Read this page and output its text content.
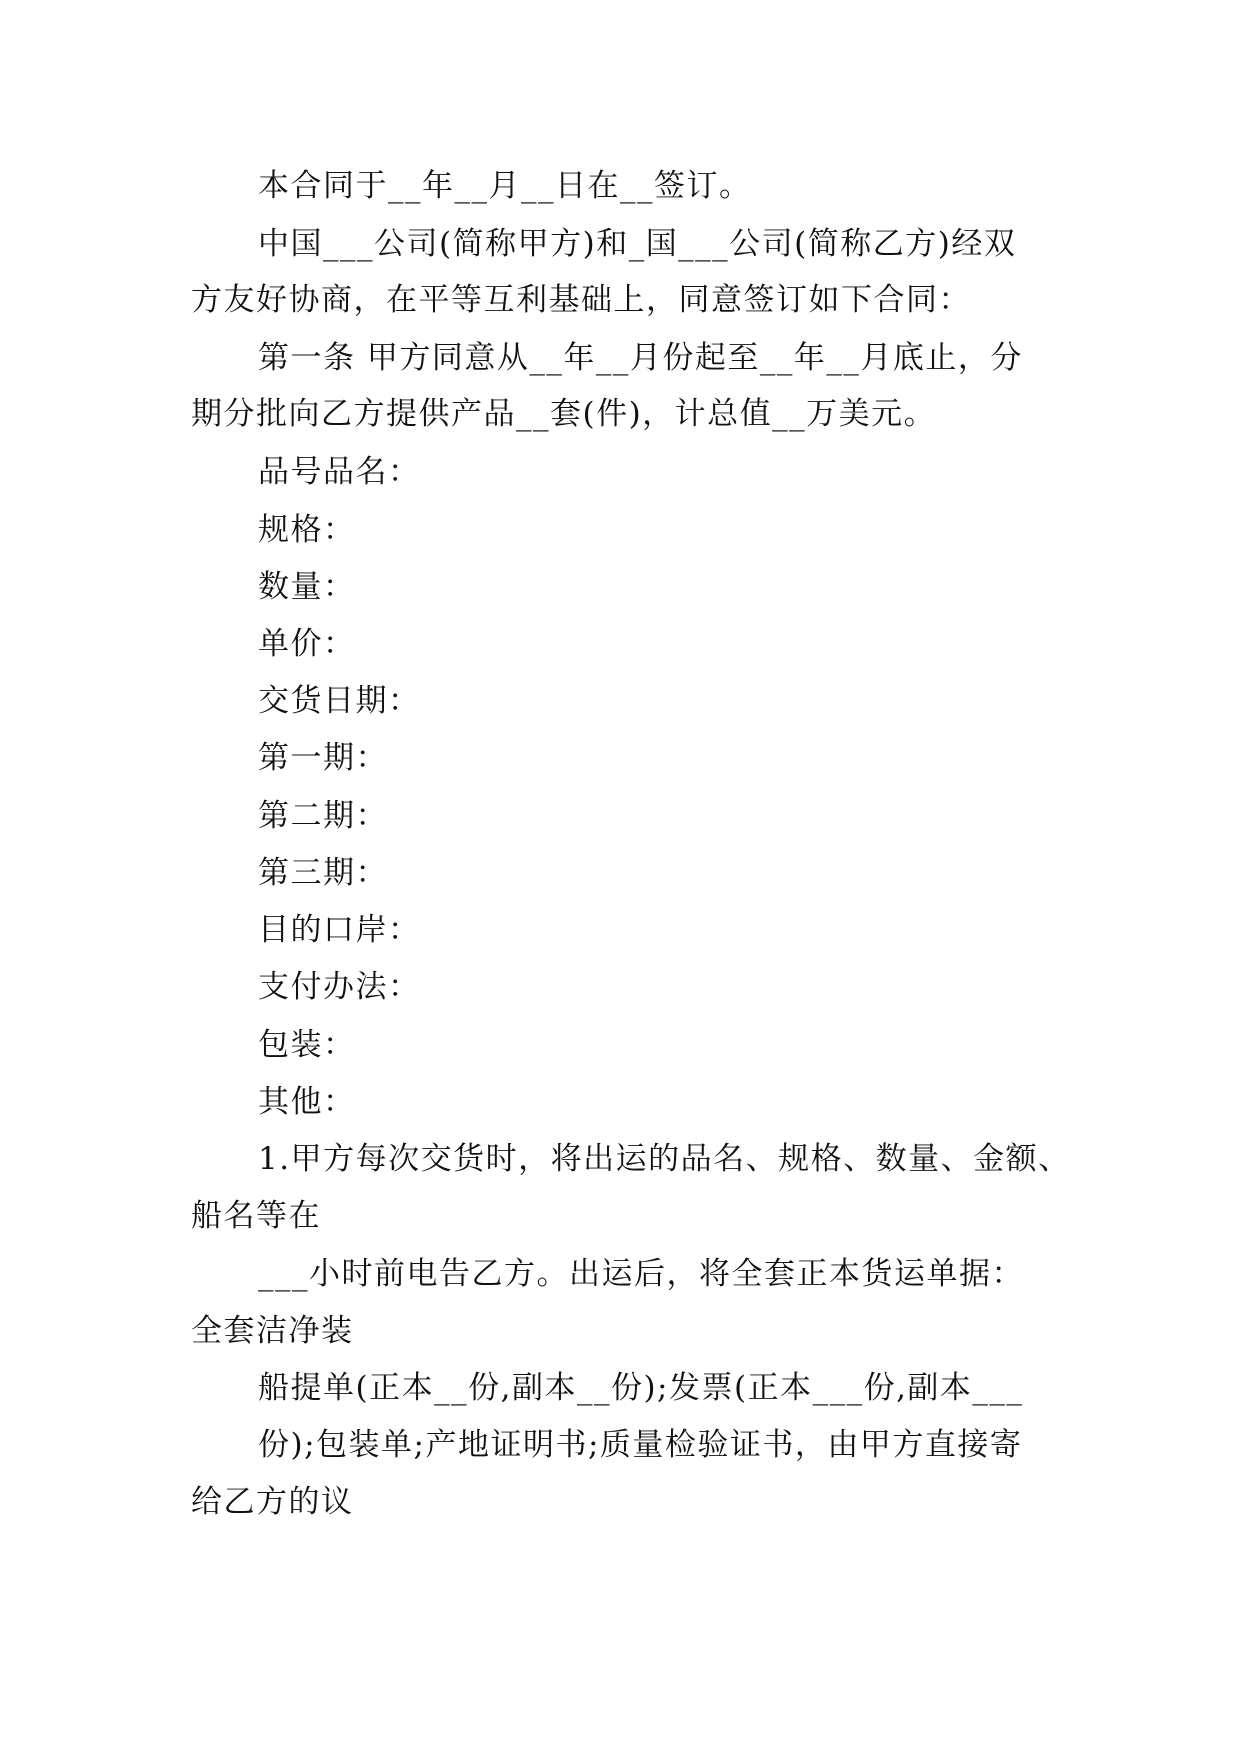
本合同于__年__月__日在__签订。
中国___公司(简称甲方)和_国___公司(简称乙方)经双
方友好协商，在平等互利基础上，同意签订如下合同：
第一条 甲方同意从__年__月份起至__年__月底止，分
期分批向乙方提供产品__套(件)，计总值__万美元。
品号品名：
规格：
数量：
单价：
交货日期：
第一期：
第二期：
第三期：
目的口岸：
支付办法：
包装：
其他：
1.甲方每次交货时，将出运的品名、规格、数量、金额、
船名等在
___小时前电告乙方。出运后，将全套正本货运单据：
全套洁净装
船提单(正本__份,副本__份);发票(正本___份,副本___
份);包装单;产地证明书;质量检验证书，由甲方直接寄
给乙方的议
